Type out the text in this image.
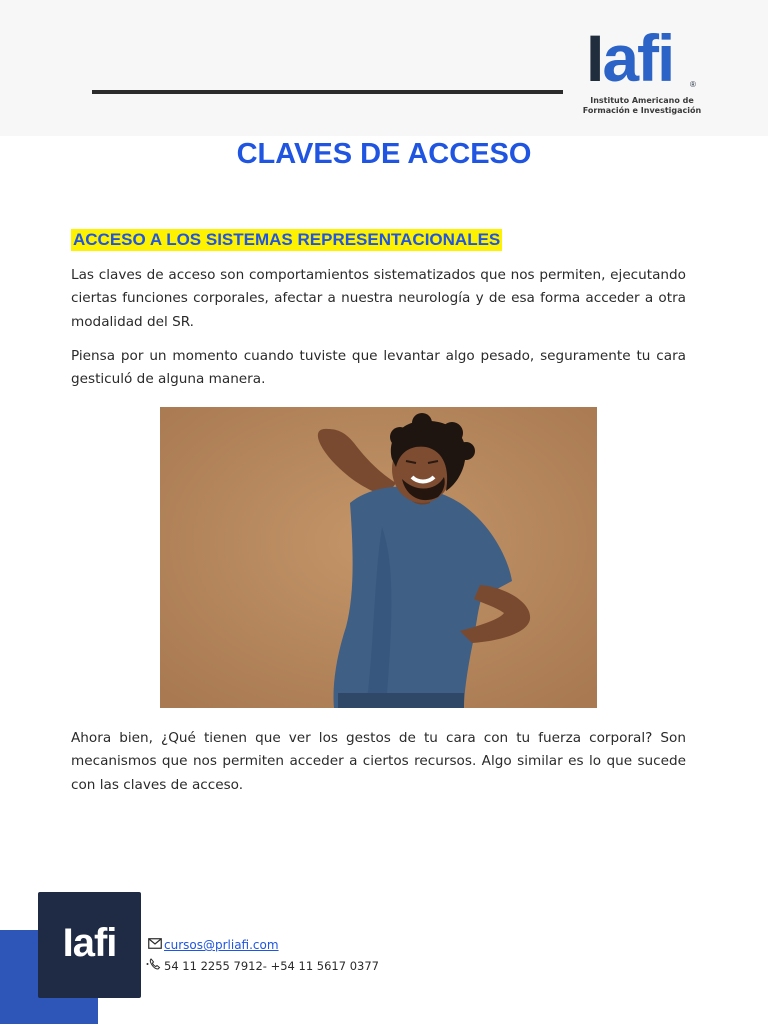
Iafi	®
Instituto Americano de
Formación e Investigación
CLAVES DE ACCESO
ACCESO A LOS SISTEMAS REPRESENTACIONALES

Las claves de acceso son comportamientos sistematizados que nos permiten, ejecutando ciertas funciones corporales, afectar a nuestra neurología y de esa forma acceder a otra modalidad del SR.

Piensa por un momento cuando tuviste que levantar algo pesado, seguramente tu cara gesticuló de alguna manera.

Ahora bien, ¿Qué tienen que ver los gestos de tu cara con tu fuerza corporal? Son mecanismos que nos permiten acceder a ciertos recursos. Algo similar es lo que sucede con las claves de acceso.

Iafi	cursos@prliafi.com
54 11 2255 7912- +54 11 5617 0377
